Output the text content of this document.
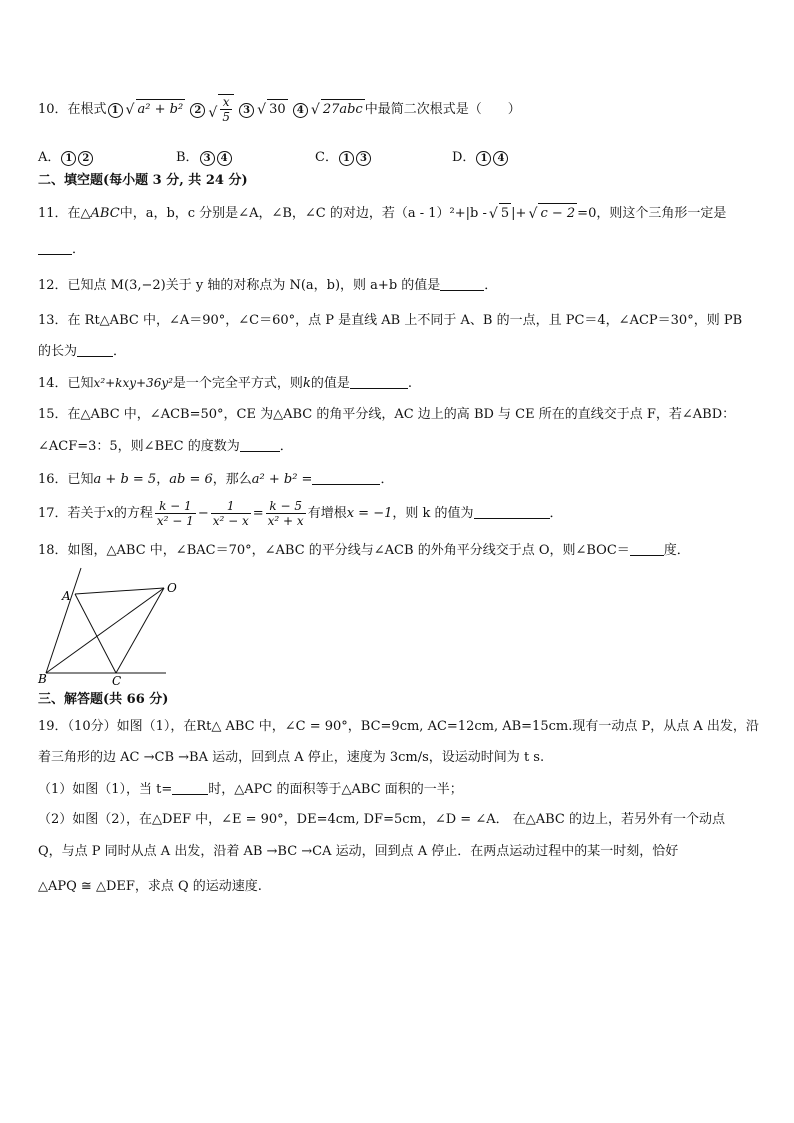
10．在根式 1 √ a² + b² 2 √ $\frac{x}{5} 3$ √ 30 4 √ 27abc 中最简二次根式是（　　）
A． 1 2	B． 3 4	C． 1 3	D． 1 4
二、填空题(每小题 3 分, 共 24 分)
11．在△ABC中，a，b，c 分别是∠A，∠B，∠C 的对边，若（a - 1）²+|b - √ 5 |+ √ c − 2 =0，则这个三角形一定是
．
12．已知点 M(3,−2)关于 y 轴的对称点为 N(a，b)，则 a+b 的值是	．
13．在 Rt△ABC 中，∠A＝90°，∠C＝60°，点 P 是直线 AB 上不同于 A、B 的一点，且 PC＝4，∠ACP＝30°，则 PB
的长为	．
14．已知x²+kxy+36y²是一个完全平方式，则k的值是	.
15．在△ABC 中，∠ACB=50°，CE 为△ABC 的角平分线，AC 边上的高 BD 与 CE 所在的直线交于点 F，若∠ABD：
∠ACF=3：5，则∠BEC 的度数为	．
16．已知a + b = 5，ab = 6，那么a² + b² =	．
17．若关于x的方程 $\frac{k - 1}{\text{x² − 1}} - \frac{1}{\text{x² − x}} = \frac{k - 5}{\text{x² + x}}$ 有增根x = −1，则 k 的值为	．
18．如图，△ABC 中，∠BAC＝70°，∠ABC 的平分线与∠ACB 的外角平分线交于点 O，则∠BOC＝	度．
A
B	C
O
三、解答题(共 66 分)
19．（10分）如图（1），在Rt△ ABC 中，∠C = 90°，BC=9cm, AC=12cm, AB=15cm.现有一动点 P，从点 A 出发，沿
着三角形的边 AC →CB →BA 运动，回到点 A 停止，速度为 3cm/s，设运动时间为 t s.
（1）如图（1），当 t=	时，△APC 的面积等于△ABC 面积的一半；
（2）如图（2），在△DEF 中，∠E = 90°，DE=4cm, DF=5cm，∠D = ∠A． 在△ABC 的边上，若另外有一个动点
Q，与点 P 同时从点 A 出发，沿着 AB →BC →CA 运动，回到点 A 停止．在两点运动过程中的某一时刻，恰好
△APQ ≅ △DEF，求点 Q 的运动速度.
